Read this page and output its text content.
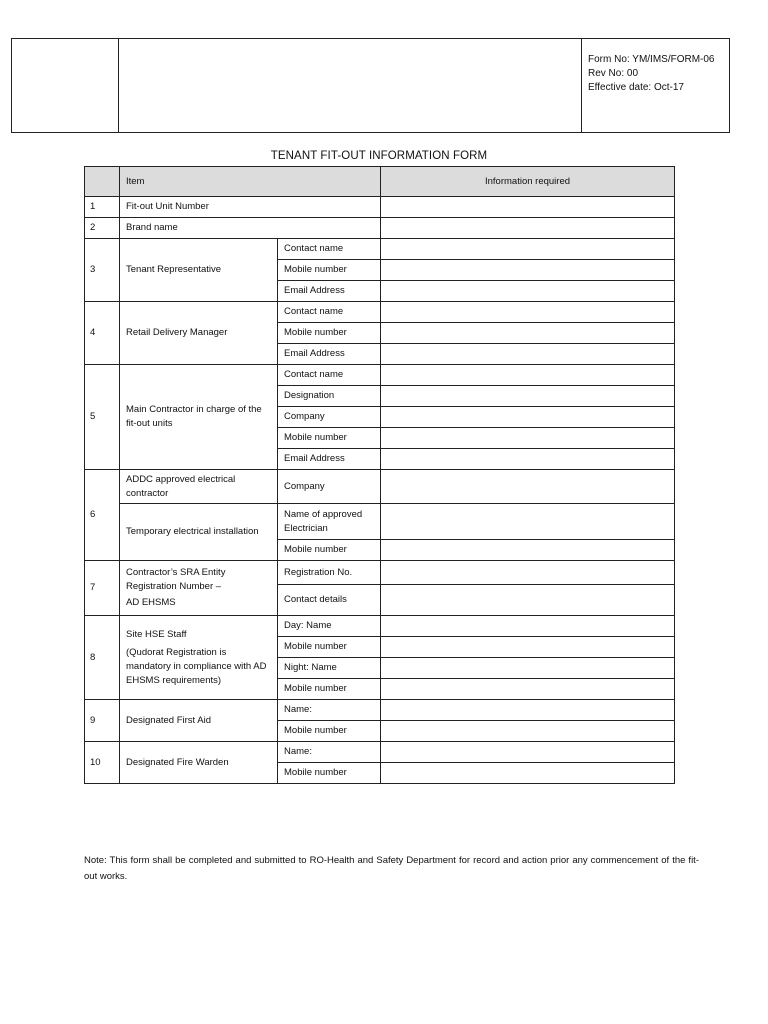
Form No: YM/IMS/FORM-06
Rev No: 00
Effective date: Oct-17
TENANT FIT-OUT INFORMATION FORM
	Item		Information required
1	Fit-out Unit Number		
2	Brand name		
3	Tenant Representative	Contact name	
		Mobile number	
		Email Address	
4	Retail Delivery Manager	Contact name	
		Mobile number	
		Email Address	
5	Main Contractor in charge of the fit-out units	Contact name	
		Designation	
		Company	
		Mobile number	
		Email Address	
6	ADDC approved electrical contractor	Company	
	Temporary electrical installation	Name of approved Electrician	
		Mobile number	
7	Contractor’s SRA Entity Registration Number –
AD EHSMS	Registration No.	
		Contact details	
8	Site HSE Staff
(Qudorat Registration is mandatory in compliance with AD EHSMS requirements)	Day: Name	
		Mobile number	
		Night: Name	
		Mobile number	
9	Designated First Aid	Name:	
		Mobile number	
10	Designated Fire Warden	Name:	
		Mobile number	
Note: This form shall be completed and submitted to RO-Health and Safety Department for record and action prior any commencement of the fit-out works.
